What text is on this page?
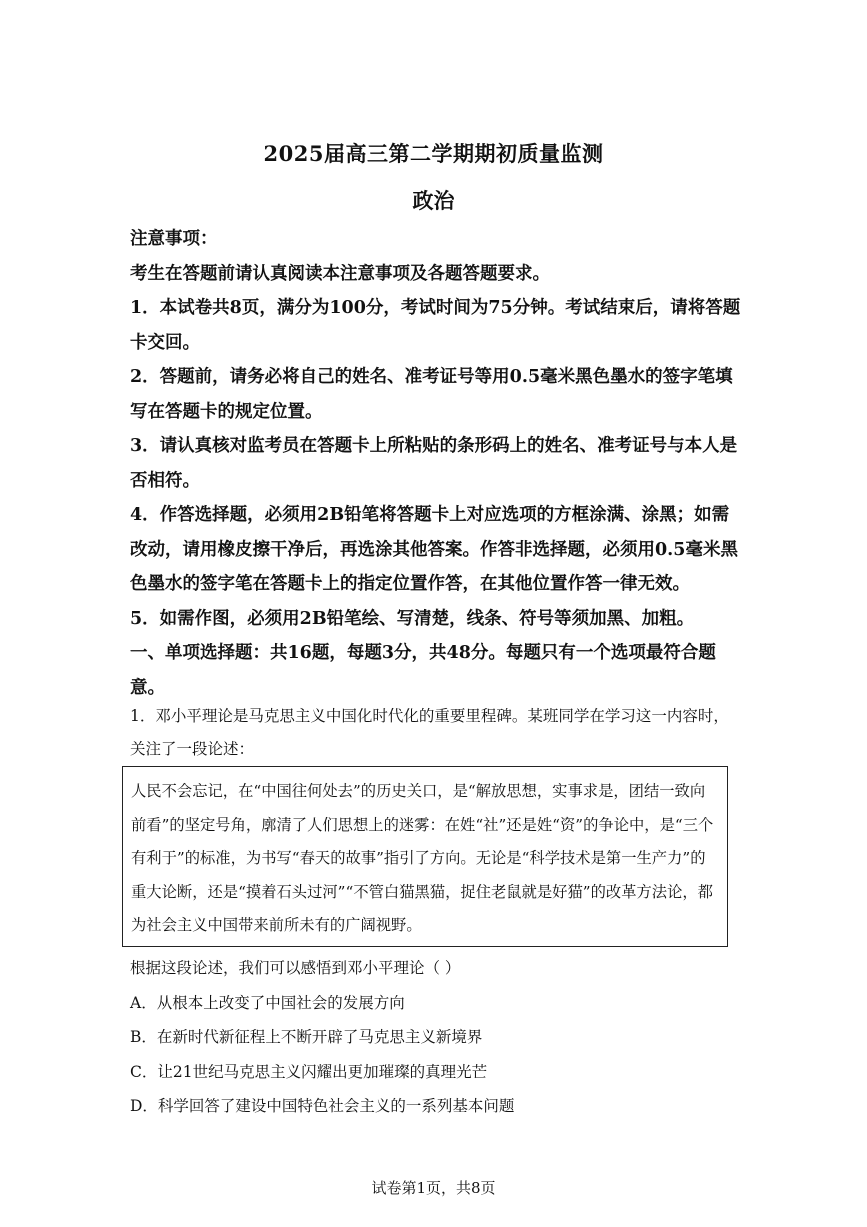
2025届高三第二学期期初质量监测
政治

注意事项：

考生在答题前请认真阅读本注意事项及各题答题要求。

1．本试卷共8页，满分为100分，考试时间为75分钟。考试结束后，请将答题卡交回。

2．答题前，请务必将自己的姓名、准考证号等用0.5毫米黑色墨水的签字笔填写在答题卡的规定位置。

3．请认真核对监考员在答题卡上所粘贴的条形码上的姓名、准考证号与本人是否相符。

4．作答选择题，必须用2B铅笔将答题卡上对应选项的方框涂满、涂黑；如需改动，请用橡皮擦干净后，再选涂其他答案。作答非选择题，必须用0.5毫米黑色墨水的签字笔在答题卡上的指定位置作答，在其他位置作答一律无效。

5．如需作图，必须用2B铅笔绘、写清楚，线条、符号等须加黑、加粗。

一、单项选择题：共16题，每题3分，共48分。每题只有一个选项最符合题意。

1．邓小平理论是马克思主义中国化时代化的重要里程碑。某班同学在学习这一内容时，关注了一段论述：

人民不会忘记，在“中国往何处去”的历史关口，是“解放思想，实事求是，团结一致向前看”的坚定号角，廓清了人们思想上的迷雾：在姓“社”还是姓“资”的争论中，是“三个有利于”的标准，为书写“春天的故事”指引了方向。无论是“科学技术是第一生产力”的重大论断，还是“摸着石头过河”“不管白猫黑猫，捉住老鼠就是好猫”的改革方法论，都为社会主义中国带来前所未有的广阔视野。

根据这段论述，我们可以感悟到邓小平理论（ ）

A．从根本上改变了中国社会的发展方向

B．在新时代新征程上不断开辟了马克思主义新境界

C．让21世纪马克思主义闪耀出更加璀璨的真理光芒

D．科学回答了建设中国特色社会主义的一系列基本问题

试卷第1页，共8页
